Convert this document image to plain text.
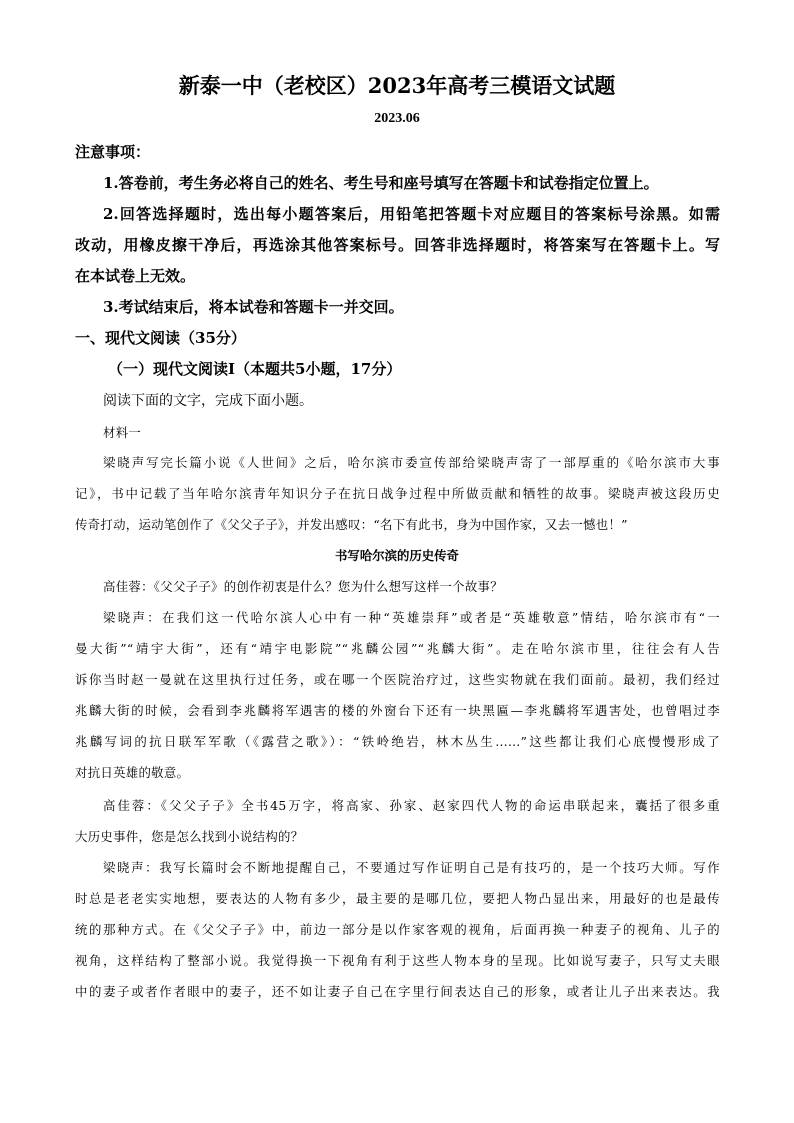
新泰一中（老校区）2023年高考三模语文试题
2023.06
注意事项：
1.答卷前，考生务必将自己的姓名、考生号和座号填写在答题卡和试卷指定位置上。
2.回答选择题时，选出每小题答案后，用铅笔把答题卡对应题目的答案标号涂黑。如需
改动，用橡皮擦干净后，再选涂其他答案标号。回答非选择题时，将答案写在答题卡上。写
在本试卷上无效。
3.考试结束后，将本试卷和答题卡一并交回。
一、现代文阅读（35分）
（一）现代文阅读Ⅰ（本题共5小题，17分）
阅读下面的文字，完成下面小题。
材料一
梁晓声写完长篇小说《人世间》之后，哈尔滨市委宣传部给梁晓声寄了一部厚重的《哈尔滨市大事
记》，书中记载了当年哈尔滨青年知识分子在抗日战争过程中所做贡献和牺牲的故事。梁晓声被这段历史
传奇打动，运动笔创作了《父父子子》，并发出感叹：“名下有此书，身为中国作家，又去一憾也！”
书写哈尔滨的历史传奇
高佳蓉：《父父子子》的创作初衷是什么？您为什么想写这样一个故事？
梁晓声：在我们这一代哈尔滨人心中有一种“英雄崇拜”或者是“英雄敬意”情结，哈尔滨市有“一
曼大街”“靖宇大街”，还有“靖宇电影院”“兆麟公园”“兆麟大街”。走在哈尔滨市里，往往会有人告
诉你当时赵一曼就在这里执行过任务，或在哪一个医院治疗过，这些实物就在我们面前。最初，我们经过
兆麟大街的时候，会看到李兆麟将军遇害的楼的外窗台下还有一块黑匾—李兆麟将军遇害处，也曾唱过李
兆麟写词的抗日联军军歌（《露营之歌》）：“铁岭绝岩，林木丛生……”这些都让我们心底慢慢形成了
对抗日英雄的敬意。
高佳蓉：《父父子子》全书45万字，将高家、孙家、赵家四代人物的命运串联起来，囊括了很多重
大历史事件，您是怎么找到小说结构的？
梁晓声：我写长篇时会不断地提醒自己，不要通过写作证明自己是有技巧的，是一个技巧大师。写作
时总是老老实实地想，要表达的人物有多少，最主要的是哪几位，要把人物凸显出来，用最好的也是最传
统的那种方式。在《父父子子》中，前边一部分是以作家客观的视角，后面再换一种妻子的视角、儿子的
视角，这样结构了整部小说。我觉得换一下视角有利于这些人物本身的呈现。比如说写妻子，只写丈夫眼
中的妻子或者作者眼中的妻子，还不如让妻子自己在字里行间表达自己的形象，或者让儿子出来表达。我
